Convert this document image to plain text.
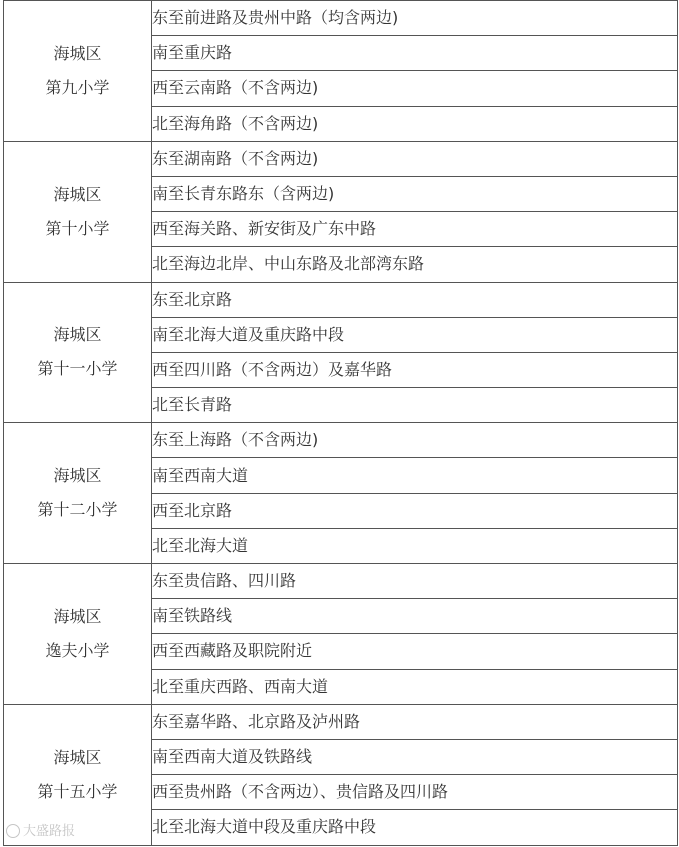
海城区
第九小学	东至前进路及贵州中路（均含两边)
	南至重庆路
	西至云南路（不含两边)
	北至海角路（不含两边)

海城区
第十小学	东至湖南路（不含两边)
	南至长青东路东（含两边)
	西至海关路、新安街及广东中路
	北至海边北岸、中山东路及北部湾东路

海城区
第十一小学	东至北京路
	南至北海大道及重庆路中段
	西至四川路（不含两边）及嘉华路
	北至长青路

海城区
第十二小学	东至上海路（不含两边)
	南至西南大道
	西至北京路
	北至北海大道

海城区
逸夫小学	东至贵信路、四川路
	南至铁路线
	西至西藏路及职院附近
	北至重庆西路、西南大道

海城区
第十五小学	东至嘉华路、北京路及泸州路
	南至西南大道及铁路线
	西至贵州路（不含两边）、贵信路及四川路
	北至北海大道中段及重庆路中段
大盛路报
